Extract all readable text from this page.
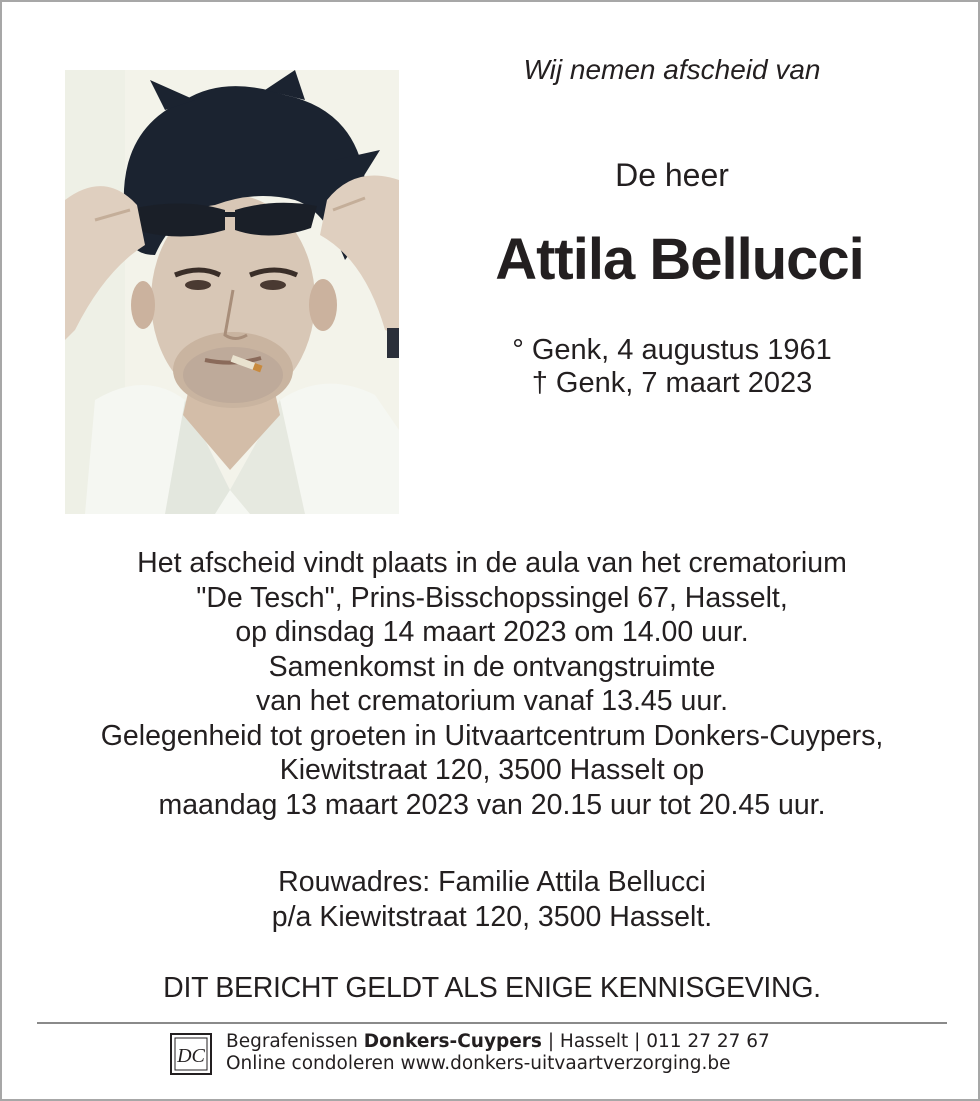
Wij nemen afscheid van
De heer
Attila Bellucci
° Genk, 4 augustus 1961
† Genk, 7 maart 2023
Het afscheid vindt plaats in de aula van het crematorium
"De Tesch", Prins-Bisschopssingel 67, Hasselt,
op dinsdag 14 maart 2023 om 14.00 uur.
Samenkomst in de ontvangstruimte
van het crematorium vanaf 13.45 uur.
Gelegenheid tot groeten in Uitvaartcentrum Donkers-Cuypers,
Kiewitstraat 120, 3500 Hasselt op
maandag 13 maart 2023 van 20.15 uur tot 20.45 uur.
Rouwadres: Familie Attila Bellucci
p/a Kiewitstraat 120, 3500 Hasselt.
DIT BERICHT GELDT ALS ENIGE KENNISGEVING.
DC
Begrafenissen Donkers-Cuypers | Hasselt | 011 27 27 67
Online condoleren www.donkers-uitvaartverzorging.be
